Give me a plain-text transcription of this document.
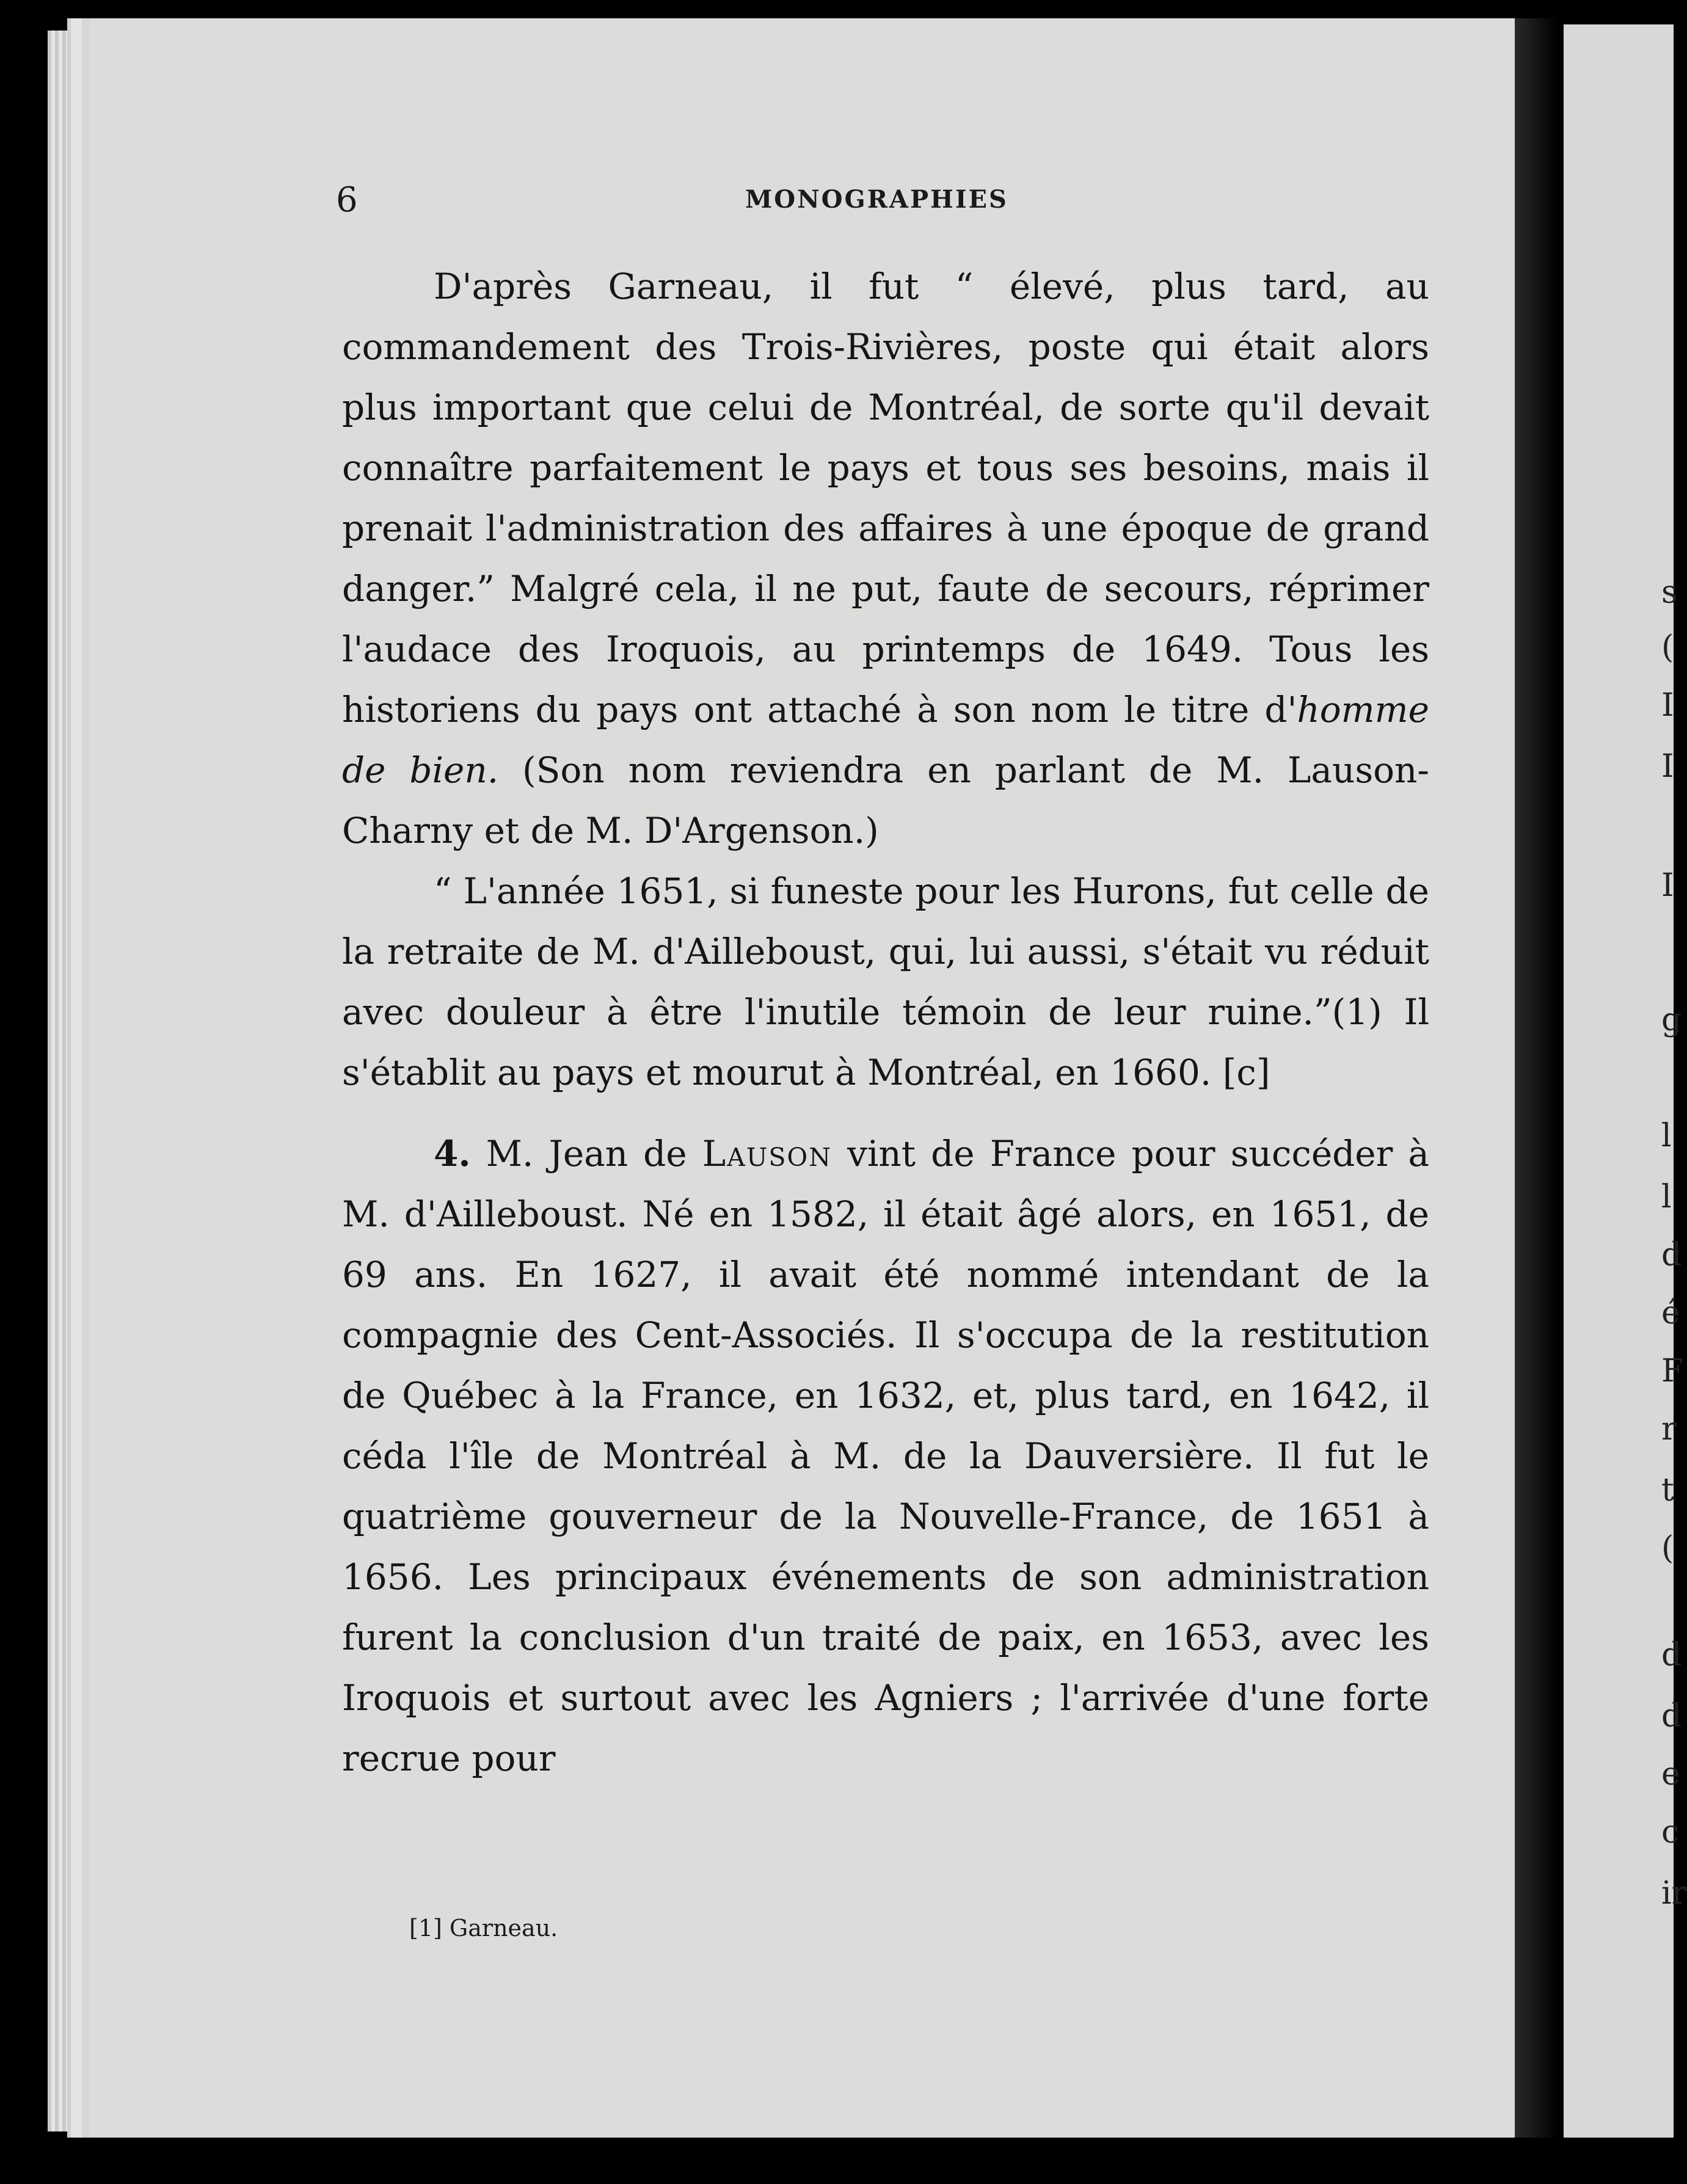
s
(
I
I
I
g
l
l
d
é
F
r
t
(
d
d
e
c
ir
6	MONOGRAPHIES

D'après Garneau, il fut “ élevé, plus tard, au commandement des Trois-Rivières, poste qui était alors plus important que celui de Montréal, de sorte qu'il devait connaître parfaitement le pays et tous ses besoins, mais il prenait l'administration des affaires à une époque de grand danger.” Malgré cela, il ne put, faute de secours, réprimer l'audace des Iroquois, au printemps de 1649. Tous les historiens du pays ont attaché à son nom le titre d'homme de bien. (Son nom reviendra en parlant de M. Lauson-Charny et de M. D'Argenson.)

“ L'année 1651, si funeste pour les Hurons, fut celle de la retraite de M. d'Ailleboust, qui, lui aussi, s'était vu réduit avec douleur à être l'inutile témoin de leur ruine.”(1) Il s'établit au pays et mourut à Montréal, en 1660. [c]

4. M. Jean de Lauson vint de France pour succéder à M. d'Ailleboust. Né en 1582, il était âgé alors, en 1651, de 69 ans. En 1627, il avait été nommé intendant de la compagnie des Cent-Associés. Il s'occupa de la restitution de Québec à la France, en 1632, et, plus tard, en 1642, il céda l'île de Montréal à M. de la Dauversière. Il fut le quatrième gouverneur de la Nouvelle-France, de 1651 à 1656. Les principaux événements de son administration furent la conclusion d'un traité de paix, en 1653, avec les Iroquois et surtout avec les Agniers ; l'arrivée d'une forte recrue pour

[1] Garneau.
